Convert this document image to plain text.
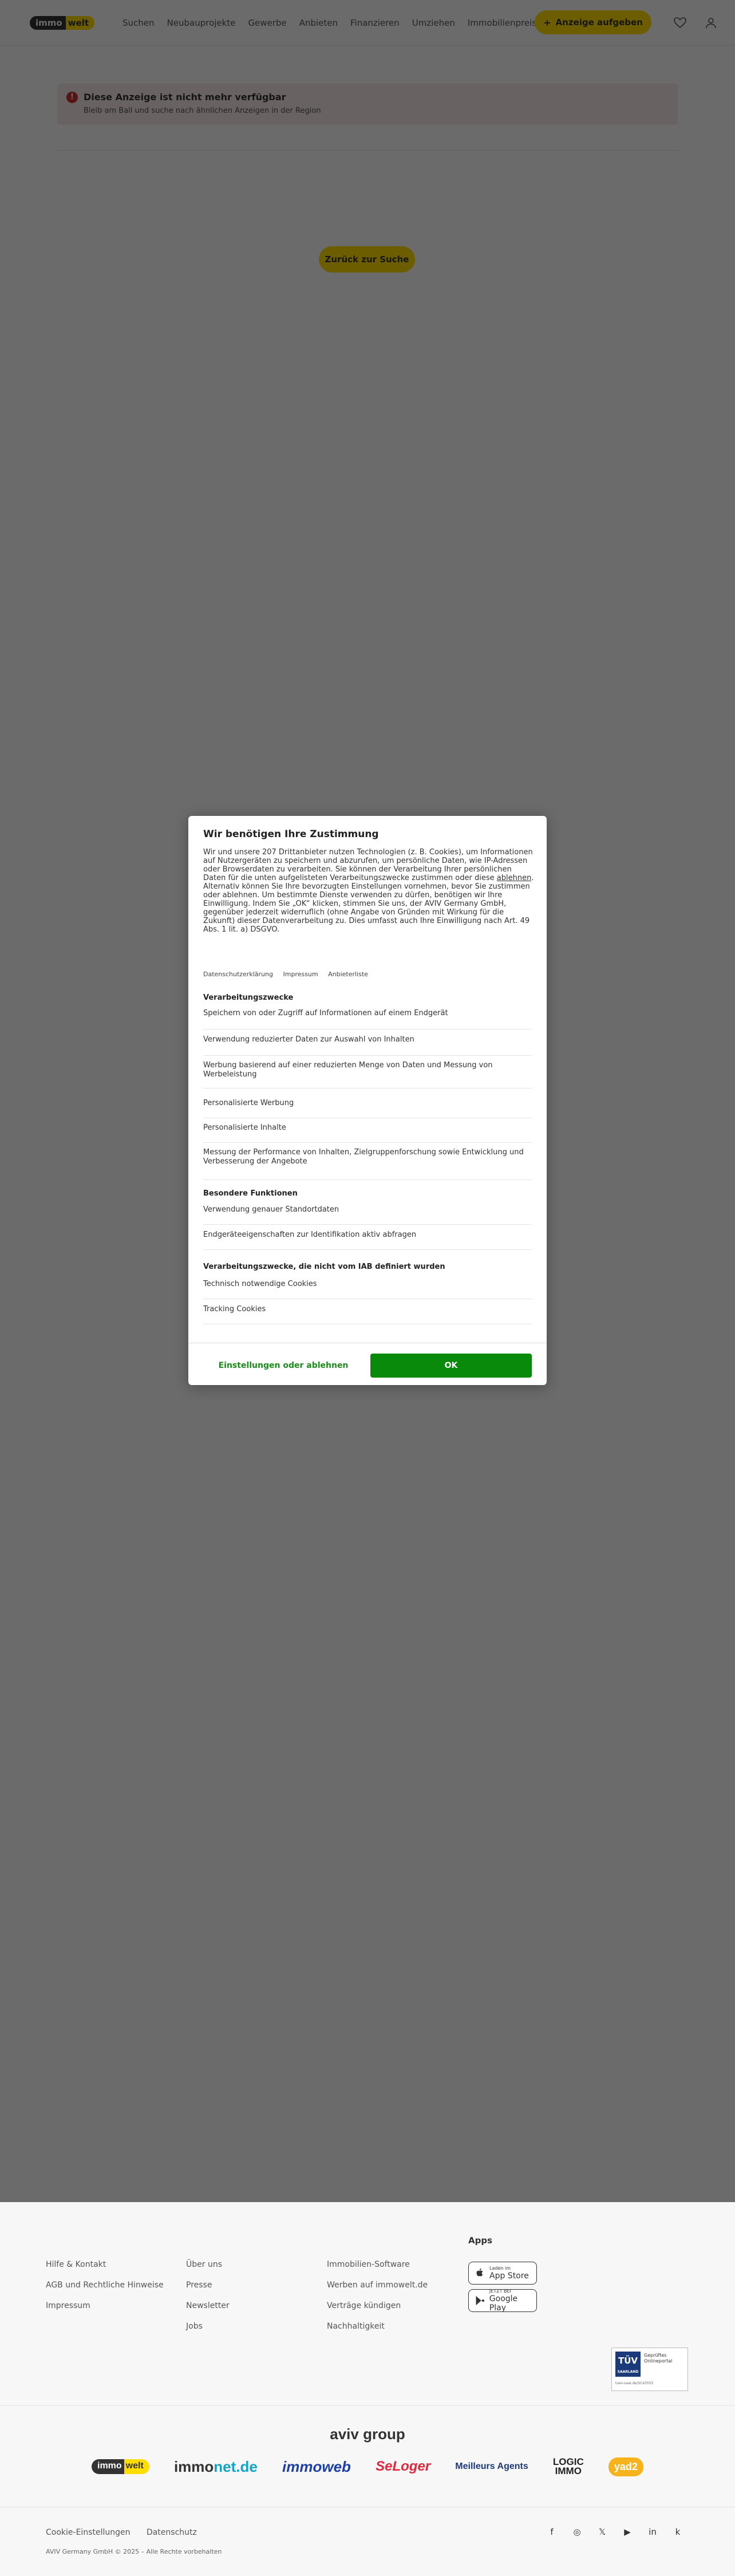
Hilfe & Kontakt
AGB und Rechtliche Hinweise
Impressum
Über uns
Presse
Newsletter
Jobs
Immobilien-Software
Werben auf immowelt.de
Verträge kündigen
Nachhaltigkeit
Apps
Laden im
App Store
JETZT BEI
Google Play
TÜV
SAARLAND
Geprüftes Onlineportal
tuev-saar.de/SC43555
aviv group
immo welt	immonet.de immoweb SeLoger	Meilleurs Agents	LOGIC
IMMO	yad2
Cookie-Einstellungen Datenschutz
AVIV Germany GmbH © 2025 – Alle Rechte vorbehalten
f	◎ 𝕏 ▶ in	k
Wir benötigen Ihre Zustimmung
Wir und unsere 207 Drittanbieter nutzen Technologien (z. B. Cookies), um Informationen auf Nutzergeräten zu speichern und abzurufen, um persönliche Daten, wie IP-Adressen oder Browserdaten zu verarbeiten. Sie können der Verarbeitung Ihrer persönlichen Daten für die unten aufgelisteten Verarbeitungszwecke zustimmen oder diese ablehnen. Alternativ können Sie Ihre bevorzugten Einstellungen vornehmen, bevor Sie zustimmen oder ablehnen. Um bestimmte Dienste verwenden zu dürfen, benötigen wir Ihre Einwilligung. Indem Sie „OK“ klicken, stimmen Sie uns, der AVIV Germany GmbH, gegenüber jederzeit widerruflich (ohne Angabe von Gründen mit Wirkung für die Zukunft) dieser Datenverarbeitung zu. Dies umfasst auch Ihre Einwilligung nach Art. 49 Abs. 1 lit. a) DSGVO.
Datenschutzerklärung Impressum Anbieterliste
Verarbeitungszwecke
Speichern von oder Zugriff auf Informationen auf einem Endgerät
Verwendung reduzierter Daten zur Auswahl von Inhalten
Werbung basierend auf einer reduzierten Menge von Daten und Messung von Werbeleistung
Personalisierte Werbung
Personalisierte Inhalte
Messung der Performance von Inhalten, Zielgruppenforschung sowie Entwicklung und Verbesserung der Angebote
Besondere Funktionen
Verwendung genauer Standortdaten
Endgeräteeigenschaften zur Identifikation aktiv abfragen
Verarbeitungszwecke, die nicht vom IAB definiert wurden
Technisch notwendige Cookies
Tracking Cookies
Einstellungen oder ablehnen	OK
